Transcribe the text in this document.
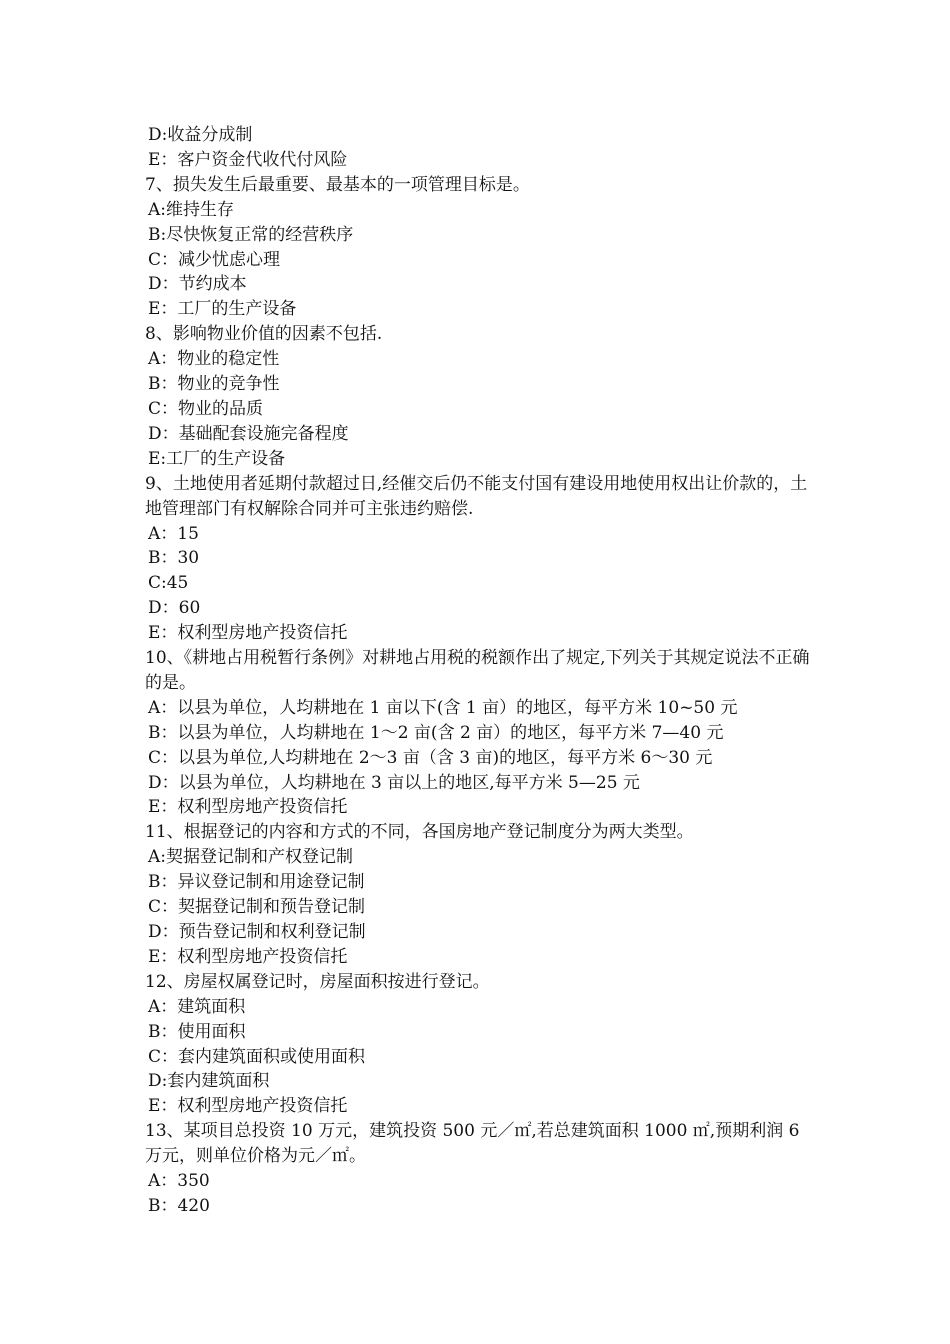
D:收益分成制
E：客户资金代收代付风险
7、损失发生后最重要、最基本的一项管理目标是。
A:维持生存
B:尽快恢复正常的经营秩序
C：减少忧虑心理
D：节约成本
E：工厂的生产设备
8、影响物业价值的因素不包括.
A：物业的稳定性
B：物业的竞争性
C：物业的品质
D：基础配套设施完备程度
E:工厂的生产设备
9、土地使用者延期付款超过日,经催交后仍不能支付国有建设用地使用权出让价款的，土地管理部门有权解除合同并可主张违约赔偿.
A：15
B：30
C:45
D：60
E：权利型房地产投资信托
10、《耕地占用税暂行条例》对耕地占用税的税额作出了规定,下列关于其规定说法不正确的是。
A：以县为单位，人均耕地在 1 亩以下(含 1 亩）的地区，每平方米 10~50 元
B：以县为单位，人均耕地在 1～2 亩(含 2 亩）的地区，每平方米 7—40 元
C：以县为单位,人均耕地在 2～3 亩（含 3 亩)的地区，每平方米 6～30 元
D：以县为单位，人均耕地在 3 亩以上的地区,每平方米 5—25 元
E：权利型房地产投资信托
11、根据登记的内容和方式的不同，各国房地产登记制度分为两大类型。
A:契据登记制和产权登记制
B：异议登记制和用途登记制
C：契据登记制和预告登记制
D：预告登记制和权利登记制
E：权利型房地产投资信托
12、房屋权属登记时，房屋面积按进行登记。
A：建筑面积
B：使用面积
C：套内建筑面积或使用面积
D:套内建筑面积
E：权利型房地产投资信托
13、某项目总投资 10 万元，建筑投资 500 元／㎡,若总建筑面积 1000 ㎡,预期利润 6 万元，则单位价格为元／㎡。
A：350
B：420
